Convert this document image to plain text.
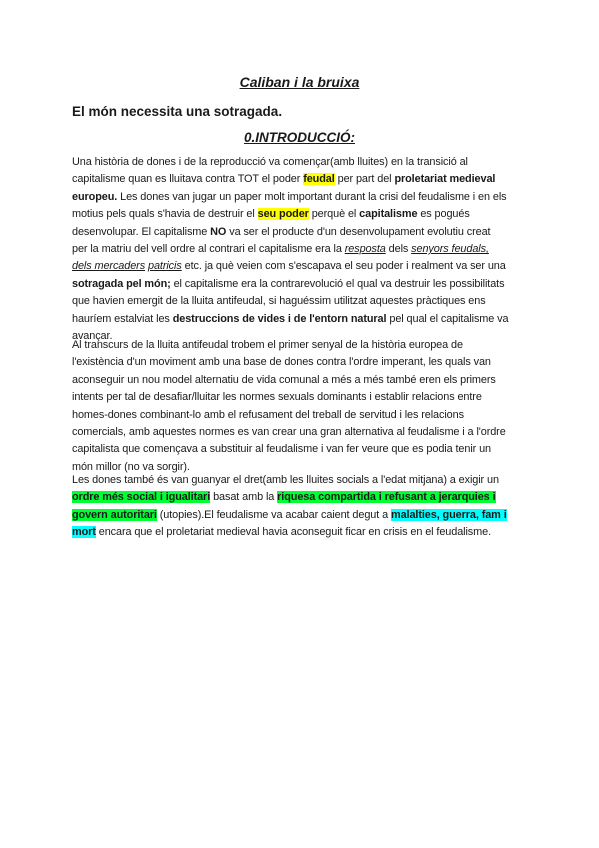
Caliban i la bruixa
El món necessita una sotragada.
0.INTRODUCCIÓ:
Una història de dones i de la reproducció va començar(amb lluites) en la transició al
capitalisme quan es lluitava contra TOT el poder feudal per part del proletariat medieval
europeu. Les dones van jugar un paper molt important durant la crisi del feudalisme i en els
motius pels quals s'havia de destruir el seu poder perquè el capitalisme es pogués
desenvolupar. El capitalisme NO va ser el producte d'un desenvolupament evolutiu creat
per la matriu del vell ordre al contrari el capitalisme era la resposta dels senyors feudals,
dels mercaders patricis etc. ja què veien com s'escapava el seu poder i realment va ser una
sotragada pel món; el capitalisme era la contrarevolució el qual va destruir les possibilitats
que havien emergit de la lluita antifeudal, si haguéssim utilitzat aquestes pràctiques ens
hauríem estalviat les destruccions de vides i de l'entorn natural pel qual el capitalisme va
avançar.
Al transcurs de la lluita antifeudal trobem el primer senyal de la història europea de
l'existència d'un moviment amb una base de dones contra l'ordre imperant, les quals van
aconseguir un nou model alternatiu de vida comunal a més a més també eren els primers
intents per tal de desafiar/lluitar les normes sexuals dominants i establir relacions entre
homes-dones combinant-lo amb el refusament del treball de servitud i les relacions
comercials, amb aquestes normes es van crear una gran alternativa al feudalisme i a l'ordre
capitalista que començava a substituir al feudalisme i van fer veure que es podia tenir un
món millor (no va sorgir).
Les dones també és van guanyar el dret(amb les lluites socials a l'edat mitjana) a exigir un
ordre més social i igualitari basat amb la riquesa compartida i refusant a jerarquies i
govern autoritari (utopies).El feudalisme va acabar caient degut a malalties, guerra, fam i
mort encara que el proletariat medieval havia aconseguit ficar en crisis en el feudalisme.
